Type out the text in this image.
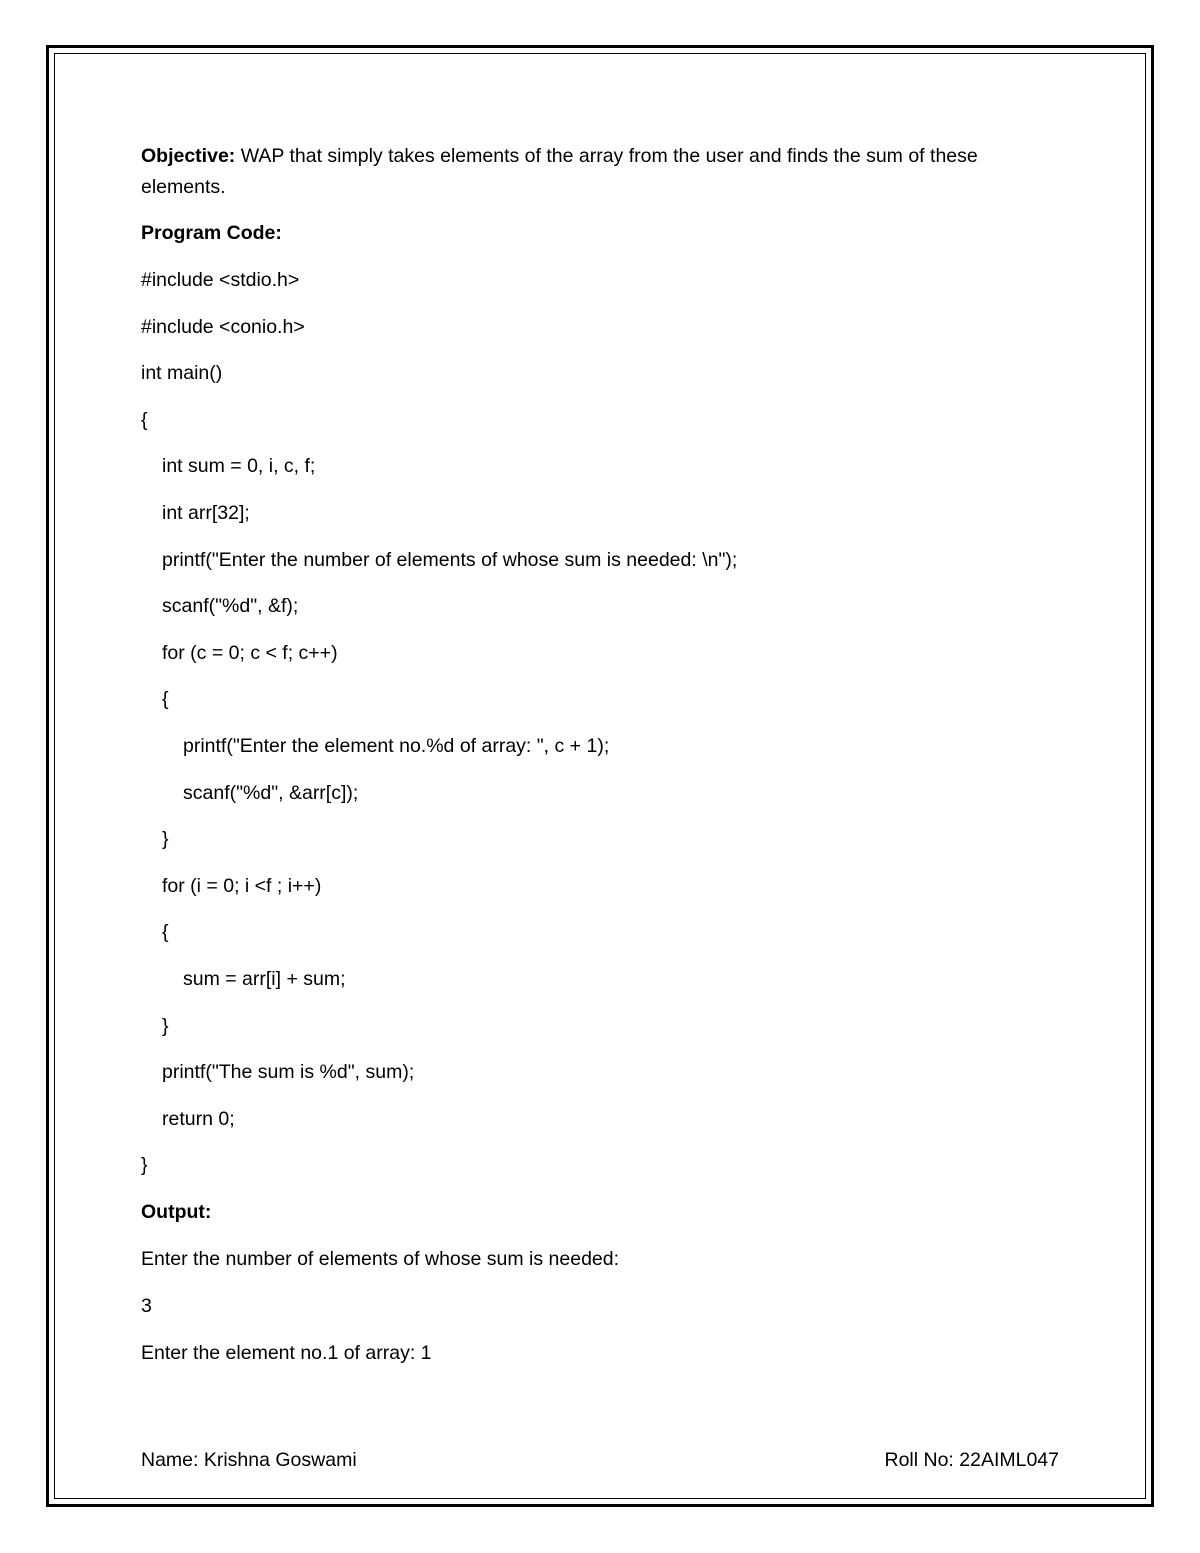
Objective: WAP that simply takes elements of the array from the user and finds the sum of these elements.

Program Code:
#include <stdio.h>
#include <conio.h>
int main()
{
int sum = 0, i, c, f;
int arr[32];
printf("Enter the number of elements of whose sum is needed: \n");
scanf("%d", &f);
for (c = 0; c < f; c++)
{
printf("Enter the element no.%d of array: ", c + 1);
scanf("%d", &arr[c]);
}
for (i = 0; i <f ; i++)
{
sum = arr[i] + sum;
}
printf("The sum is %d", sum);
return 0;
}
Output:
Enter the number of elements of whose sum is needed:
3
Enter the element no.1 of array: 1
Name: Krishna Goswami	Roll No: 22AIML047
